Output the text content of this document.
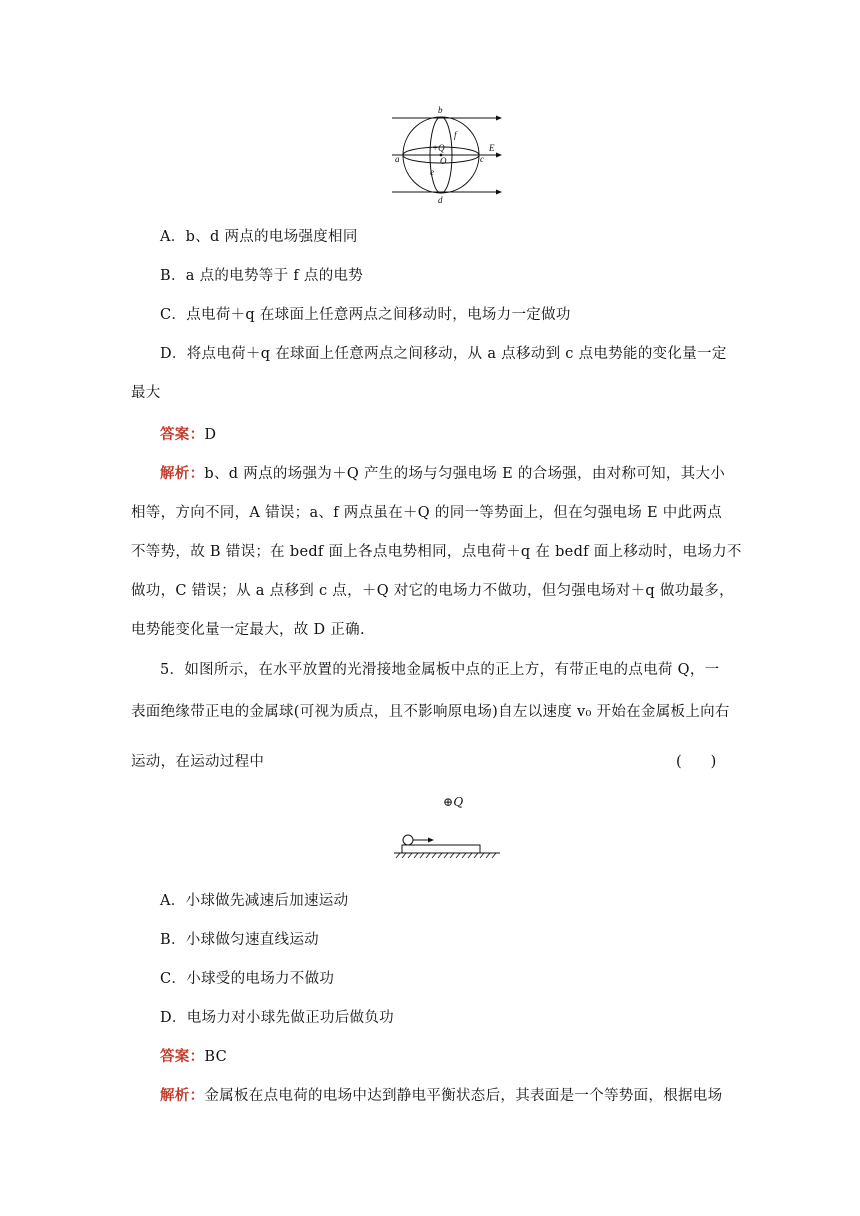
b
f
+Q
O
E
a	c
e
d
A．b、d 两点的电场强度相同
B．a 点的电势等于 f 点的电势
C．点电荷＋q 在球面上任意两点之间移动时，电场力一定做功
D．将点电荷＋q 在球面上任意两点之间移动，从 a 点移动到 c 点电势能的变化量一定
最大
答案：D
解析：b、d 两点的场强为＋Q 产生的场与匀强电场 E 的合场强，由对称可知，其大小
相等，方向不同，A 错误；a、f 两点虽在＋Q 的同一等势面上，但在匀强电场 E 中此两点
不等势，故 B 错误；在 bedf 面上各点电势相同，点电荷＋q 在 bedf 面上移动时，电场力不
做功，C 错误；从 a 点移到 c 点，＋Q 对它的电场力不做功，但匀强电场对＋q 做功最多，
电势能变化量一定最大，故 D 正确.
5．如图所示，在水平放置的光滑接地金属板中点的正上方，有带正电的点电荷 Q，一
表面绝缘带正电的金属球(可视为质点，且不影响原电场)自左以速度 v₀ 开始在金属板上向右
运动，在运动过程中	(　　)
⊕Q
A．小球做先减速后加速运动
B．小球做匀速直线运动
C．小球受的电场力不做功
D．电场力对小球先做正功后做负功
答案：BC
解析：金属板在点电荷的电场中达到静电平衡状态后，其表面是一个等势面，根据电场
